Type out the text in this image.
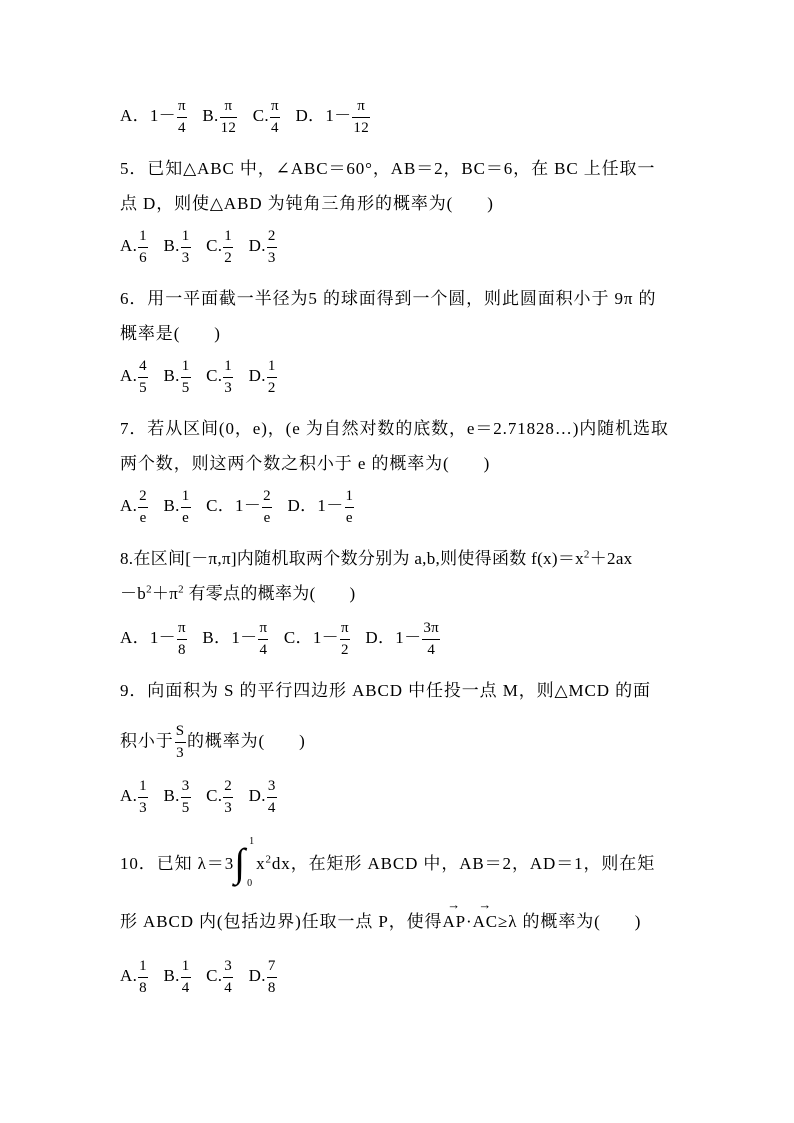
A．$1- \frac{\pi}{4} B$. $\frac{\pi}{12} C$. $\frac{\pi}{4}$ D．$1- \frac{\pi}{12}$
5．已知△ABC 中，∠ABC＝60°，AB＝2，BC＝6，在 BC 上任取一
点 D，则使△ABD 为钝角三角形的概率为( )
A. $\frac{1}{6} B$. $\frac{1}{3} C$. $\frac{1}{2} D$. $\frac{2}{3}$
6．用一平面截一半径为5 的球面得到一个圆，则此圆面积小于 9π 的
概率是( )
A. $\frac{4}{5} B$. $\frac{1}{5} C$. $\frac{1}{3} D$. $\frac{1}{2}$
7．若从区间(0，e)，(e 为自然对数的底数，e＝2.71828…)内随机选取
两个数，则这两个数之积小于 e 的概率为( )
A. $\frac{2}{e} B$. $\frac{1}{e}$ C．$1- \frac{2}{e}$ D．$1- \frac{1}{e}$
8.在区间[－π,π]内随机取两个数分别为 a,b,则使得函数 $f(x)=x^2+2ax$
$-b^2+\pi^2$ 有零点的概率为( )
A．$1- \frac{\pi}{8}$ B．$1- \frac{\pi}{4}$ C．$1- \frac{\pi}{2}$ D．$1- \frac{3\pi}{4}$
9．向面积为 S 的平行四边形 ABCD 中任投一点 M，则△MCD 的面
积小于 $\frac{S}{3}$ 的概率为( )
A. $\frac{1}{3} B$. $\frac{3}{5} C$. $\frac{2}{3} D$. $\frac{3}{4}$
10．已知 λ＝3 ∫ 1
0
$x^2dx$，在矩形 ABCD 中，AB＝2，AD＝1，则在矩
形 ABCD 内(包括边界)任取一点 P，使得
→
AP·
→
AC≥λ 的概率为( )
A. $\frac{1}{8} B$. $\frac{1}{4} C$. $\frac{3}{4} D$. $\frac{7}{8}$
